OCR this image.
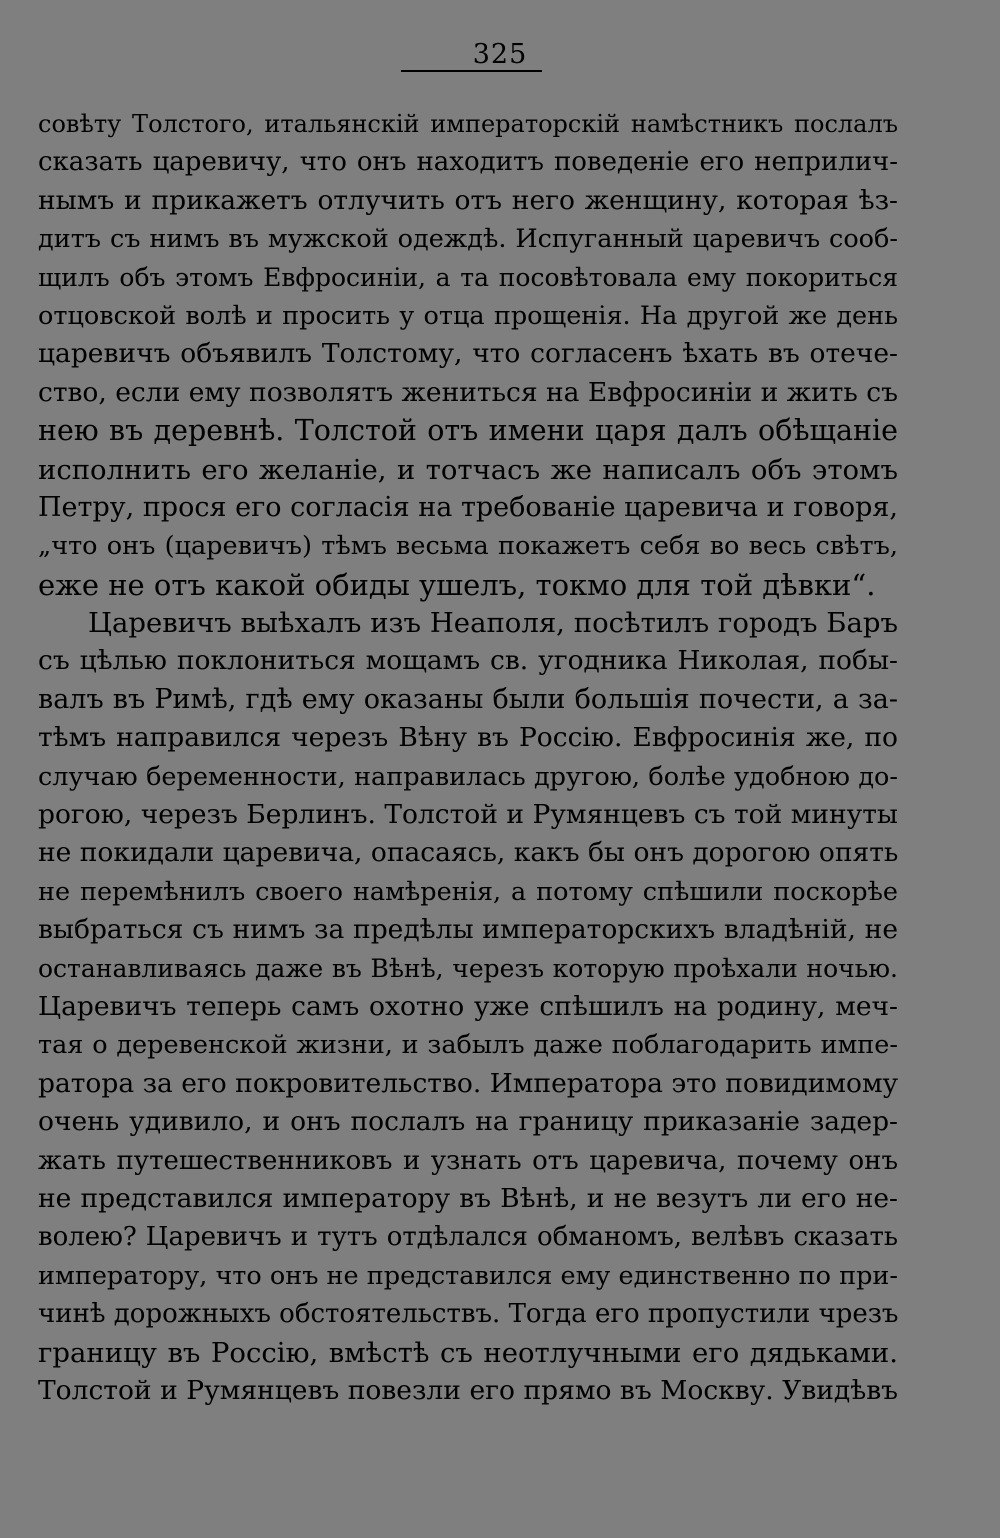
325
совѣту Толстого, итальянскій императорскій намѣстникъ послалъ
сказать царевичу, что онъ находитъ поведеніе его неприлич-
нымъ и прикажетъ отлучить отъ него женщину, которая ѣз-
дитъ съ нимъ въ мужской одеждѣ. Испуганный царевичъ сооб-
щилъ объ этомъ Евфросиніи, а та посовѣтовала ему покориться
отцовской волѣ и просить у отца прощенія. На другой же день
царевичъ объявилъ Толстому, что согласенъ ѣхать въ отече-
ство, если ему позволятъ жениться на Евфросиніи и жить съ
нею въ деревнѣ. Толстой отъ имени царя далъ обѣщаніе
исполнить его желаніе, и тотчасъ же написалъ объ этомъ
Петру, прося его согласія на требованіе царевича и говоря,
„что онъ (царевичъ) тѣмъ весьма покажетъ себя во весь свѣтъ,
еже не отъ какой обиды ушелъ, токмо для той дѣвки“.
Царевичъ выѣхалъ изъ Неаполя, посѣтилъ городъ Баръ
съ цѣлью поклониться мощамъ св. угодника Николая, побы-
валъ въ Римѣ, гдѣ ему оказаны были большія почести, а за-
тѣмъ направился черезъ Вѣну въ Россію. Евфросинія же, по
случаю беременности, направилась другою, болѣе удобною до-
рогою, черезъ Берлинъ. Толстой и Румянцевъ съ той минуты
не покидали царевича, опасаясь, какъ бы онъ дорогою опять
не перемѣнилъ своего намѣренія, а потому спѣшили поскорѣе
выбраться съ нимъ за предѣлы императорскихъ владѣній, не
останавливаясь даже въ Вѣнѣ, черезъ которую проѣхали ночью.
Царевичъ теперь самъ охотно уже спѣшилъ на родину, меч-
тая о деревенской жизни, и забылъ даже поблагодарить импе-
ратора за его покровительство. Императора это повидимому
очень удивило, и онъ послалъ на границу приказаніе задер-
жать путешественниковъ и узнать отъ царевича, почему онъ
не представился императору въ Вѣнѣ, и не везутъ ли его не-
волею? Царевичъ и тутъ отдѣлался обманомъ, велѣвъ сказать
императору, что онъ не представился ему единственно по при-
чинѣ дорожныхъ обстоятельствъ. Тогда его пропустили чрезъ
границу въ Россію, вмѣстѣ съ неотлучными его дядьками.
Толстой и Румянцевъ повезли его прямо въ Москву. Увидѣвъ
